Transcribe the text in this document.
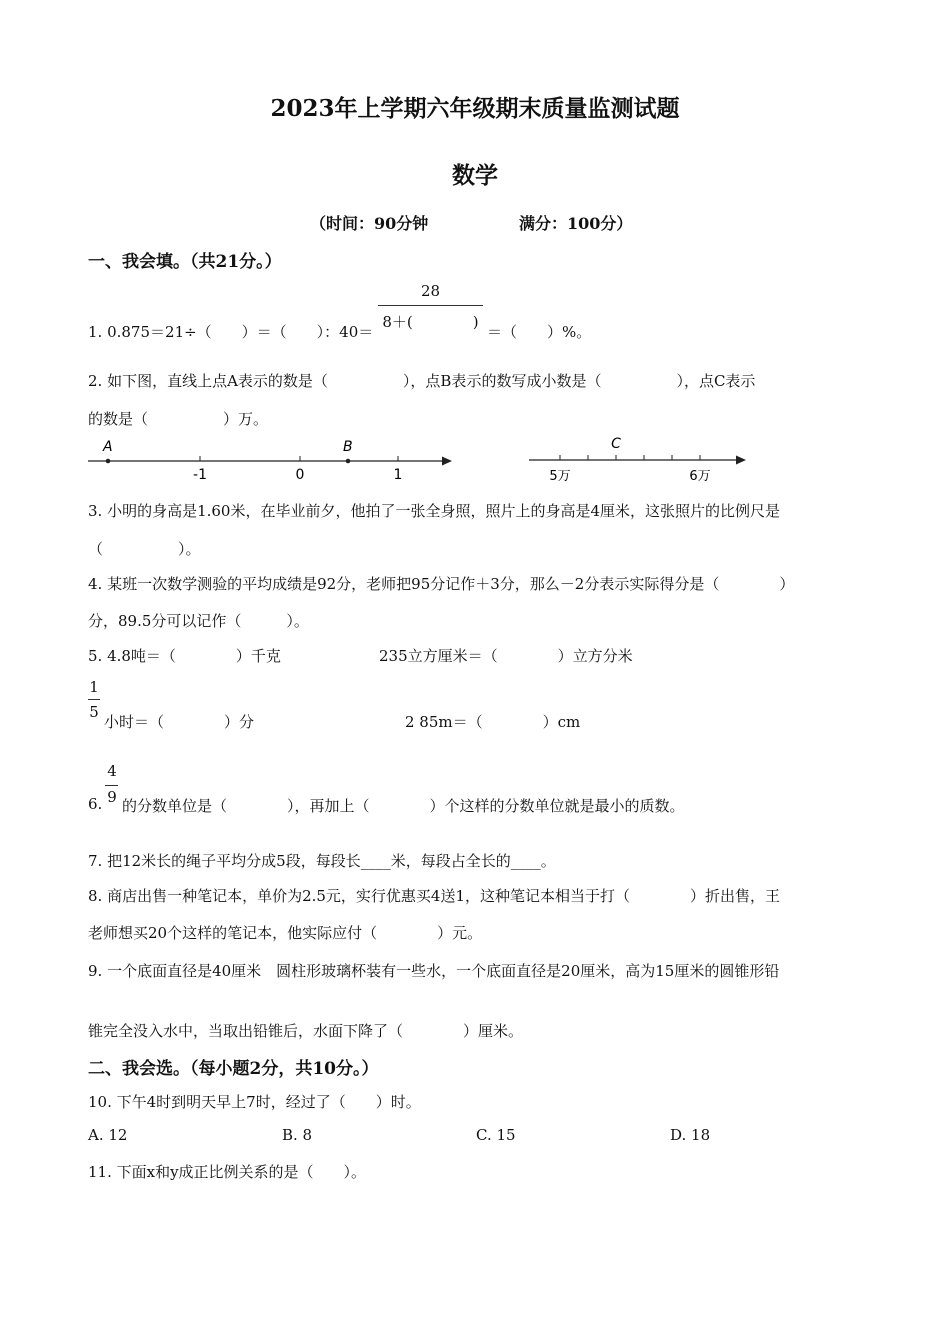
2023年上学期六年级期末质量监测试题
数学
（时间：90分钟	满分：100分）
一、我会填。（共21分。）
1. 0.875＝21÷（　　）＝（　　）：40＝
28
8＋(　　　　)
＝（　　）%。
2. 如下图，直线上点A表示的数是（　　　　　），点B表示的数写成小数是（　　　　　），点C表示
的数是（　　　　　）万。
A	B
-1	0	1
C
5万	6万
3. 小明的身高是1.60米，在毕业前夕，他拍了一张全身照，照片上的身高是4厘米，这张照片的比例尺是
（　　　　　）。
4. 某班一次数学测验的平均成绩是92分，老师把95分记作＋3分，那么－2分表示实际得分是（　　　　）
分，89.5分可以记作（　　　）。
5. 4.8吨＝（　　　　）千克	235立方厘米＝（　　　　）立方分米
1
5
小时＝（　　　　）分	2 85m＝（　　　　）cm
6.
4
9 的分数单位是（　　　　），再加上（　　　　）个这样的分数单位就是最小的质数。
7. 把12米长的绳子平均分成5段，每段长____米，每段占全长的____。
8. 商店出售一种笔记本，单价为2.5元，实行优惠买4送1，这种笔记本相当于打（　　　　）折出售，王
老师想买20个这样的笔记本，他实际应付（　　　　）元。
9. 一个底面直径是40厘米　圆柱形玻璃杯装有一些水，一个底面直径是20厘米，高为15厘米的圆锥形铅
锥完全没入水中，当取出铅锥后，水面下降了（　　　　）厘米。
二、我会选。（每小题2分，共10分。）
10. 下午4时到明天早上7时，经过了（　　）时。
A. 12	B. 8	C. 15	D. 18
11. 下面x和y成正比例关系的是（　　）。
